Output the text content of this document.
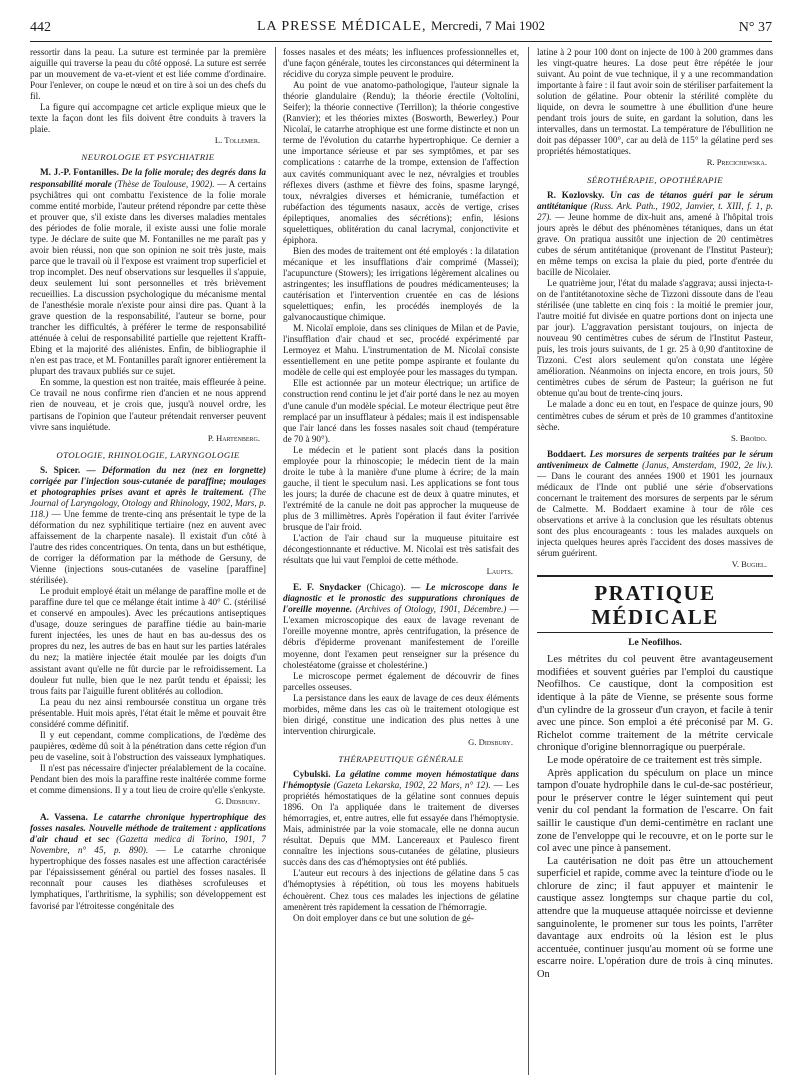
442	LA PRESSE MÉDICALE, Mercredi, 7 Mai 1902	N° 37

ressortir dans la peau. La suture est terminée par la première aiguille qui traverse la peau du côté opposé. La suture est serrée par un mouvement de va-et-vient et est liée comme d'ordinaire. Pour l'enlever, on coupe le nœud et on tire à soi un des chefs du fil.

La figure qui accompagne cet article explique mieux que le texte la façon dont les fils doivent être conduits à travers la plaie.

L. Tollemer.
NEUROLOGIE ET PSYCHIATRIE

M. J.-P. Fontanilles. De la folie morale; des degrés dans la responsabilité morale (Thèse de Toulouse, 1902). — A certains psychiâtres qui ont combattu l'existence de la folie morale comme entité morbide, l'auteur prétend répondre par cette thèse et prouver que, s'il existe dans les diverses maladies mentales des périodes de folie morale, il existe aussi une folie morale type. Je déclare de suite que M. Fontanilles ne me paraît pas y avoir bien réussi, non que son opinion ne soit très juste, mais parce que le travail où il l'expose est vraiment trop superficiel et trop incomplet. Des neuf observations sur lesquelles il s'appuie, deux seulement lui sont personnelles et très brièvement recueillies. La discussion psychologique du mécanisme mental de l'anesthésie morale n'existe pour ainsi dire pas. Quant à la grave question de la responsabilité, l'auteur se borne, pour trancher les difficultés, à préférer le terme de responsabilité atténuée à celui de responsabilité partielle que rejettent Krafft-Ebing et la majorité des aliénistes. Enfin, de bibliographie il n'en est pas trace, et M. Fontanilles paraît ignorer entièrement la plupart des travaux publiés sur ce sujet.

En somme, la question est non traitée, mais effleurée à peine. Ce travail ne nous confirme rien d'ancien et ne nous apprend rien de nouveau, et je crois que, jusqu'à nouvel ordre, les partisans de l'opinion que l'auteur prétendait renverser peuvent vivre sans inquiétude.

P. Hartenberg.
OTOLOGIE, RHINOLOGIE, LARYNGOLOGIE

S. Spicer. — Déformation du nez (nez en lorgnette) corrigée par l'injection sous-cutanée de paraffine; moulages et photographies prises avant et après le traitement. (The Journal of Laryngology, Otology and Rhinology, 1902, Mars, p. 118.) — Une femme de trente-cinq ans présentait le type de la déformation du nez syphilitique tertiaire (nez en auvent avec affaissement de la charpente nasale). Il existait d'un côté à l'autre des rides concentriques. On tenta, dans un but esthétique, de corriger la déformation par la méthode de Gersuny, de Vienne (injections sous-cutanées de vaseline [paraffine] stérilisée).

Le produit employé était un mélange de paraffine molle et de paraffine dure tel que ce mélange était intime à 40° C. (stérilisé et conservé en ampoules). Avec les précautions antiseptiques d'usage, douze seringues de paraffine tiédie au bain-marie furent injectées, les unes de haut en bas au-dessus des os propres du nez, les autres de bas en haut sur les parties latérales du nez; la matière injectée était moulée par les doigts d'un assistant avant qu'elle ne fût durcie par le refroidissement. La douleur fut nulle, bien que le nez parût tendu et épaissi; les trous faits par l'aiguille furent oblitérés au collodion.

La peau du nez ainsi remboursée constitua un organe très présentable. Huit mois après, l'état était le même et pouvait être considéré comme définitif.

Il y eut cependant, comme complications, de l'œdème des paupières, œdème dû soit à la pénétration dans cette région d'un peu de vaseline, soit à l'obstruction des vaisseaux lymphatiques.

Il n'est pas nécessaire d'injecter préalablement de la cocaïne. Pendant bien des mois la paraffine reste inaltérée comme forme et comme dimensions. Il y a tout lieu de croire qu'elle s'enkyste.

G. Didsbury.

A. Vassena. Le catarrhe chronique hypertrophique des fosses nasales. Nouvelle méthode de traitement : applications d'air chaud et sec (Gazetta medica di Torino, 1901, 7 Novembre, n° 45, p. 890). — Le catarrhe chronique hypertrophique des fosses nasales est une affection caractérisée par l'épaississement général ou partiel des fosses nasales. Il reconnaît pour causes les diathèses scrofuleuses et lymphatiques, l'arthritisme, la syphilis; son développement est favorisé par l'étroitesse congénitale des

fosses nasales et des méats; les influences professionnelles et, d'une façon générale, toutes les circonstances qui déterminent la récidive du coryza simple peuvent le produire.

Au point de vue anatomo-pathologique, l'auteur signale la théorie glandulaire (Rendu); la théorie érectile (Voltolini, Seifer); la théorie connective (Terrillon); la théorie congestive (Ranvier); et les théories mixtes (Bosworth, Bewerley.) Pour Nicolaï, le catarrhe atrophique est une forme distincte et non un terme de l'évolution du catarrhe hypertrophique. Ce dernier a une importance sérieuse et par ses symptômes, et par ses complications : catarrhe de la trompe, extension de l'affection aux cavités communiquant avec le nez, névralgies et troubles réflexes divers (asthme et fièvre des foins, spasme laryngé, toux, névralgies diverses et hémicranie, tuméfaction et rubéfaction des téguments nasaux, accès de vertige, crises épileptiques, anomalies des sécrétions); enfin, lésions squelettiques, oblitération du canal lacrymal, conjonctivite et épiphora.

Bien des modes de traitement ont été employés : la dilatation mécanique et les insufflations d'air comprimé (Massei); l'acupuncture (Stowers); les irrigations légèrement alcalines ou astringentes; les insufflations de poudres médicamenteuses; la cautérisation et l'intervention cruentée en cas de lésions squelettiques; enfin, les procédés inemployés de la galvanocaustique chimique.

M. Nicolaï emploie, dans ses cliniques de Milan et de Pavie, l'insufflation d'air chaud et sec, procédé expérimenté par Lermoyez et Mahu. L'instrumentation de M. Nicolaï consiste essentiellement en une petite pompe aspirante et foulante du modèle de celle qui est employée pour les massages du tympan.

Elle est actionnée par un moteur électrique; un artifice de construction rend continu le jet d'air porté dans le nez au moyen d'une canule d'un modèle spécial. Le moteur électrique peut être remplacé par un insufflateur à pédales; mais il est indispensable que l'air lancé dans les fosses nasales soit chaud (température de 70 à 90°).

Le médecin et le patient sont placés dans la position employée pour la rhinoscopie; le médecin tient de la main droite le tube à la manière d'une plume à écrire; de la main gauche, il tient le speculum nasi. Les applications se font tous les jours; la durée de chacune est de deux à quatre minutes, et l'extrémité de la canule ne doit pas approcher la muqueuse de plus de 3 millimètres. Après l'opération il faut éviter l'arrivée brusque de l'air froid.

L'action de l'air chaud sur la muqueuse pituitaire est décongestionnante et réductive. M. Nicolaï est très satisfait des résultats que lui vaut l'emploi de cette méthode.

Laupts.

E. F. Snydacker (Chicago). — Le microscope dans le diagnostic et le pronostic des suppurations chroniques de l'oreille moyenne. (Archives of Otology, 1901, Décembre.) — L'examen microscopique des eaux de lavage revenant de l'oreille moyenne montre, après centrifugation, la présence de débris d'épiderme provenant manifestement de l'oreille moyenne, dont l'examen peut renseigner sur la présence du cholestéatome (graisse et cholestérine.)

Le microscope permet également de découvrir de fines parcelles osseuses.

La persistance dans les eaux de lavage de ces deux éléments morbides, même dans les cas où le traitement otologique est bien dirigé, constitue une indication des plus nettes à une intervention chirurgicale.

G. Didsbury.
THÉRAPEUTIQUE GÉNÉRALE

Cybulski. La gélatine comme moyen hémostatique dans l'hémoptysie (Gazeta Lekarska, 1902, 22 Mars, n° 12). — Les propriétés hémostatiques de la gélatine sont connues depuis 1896. On l'a appliquée dans le traitement de diverses hémorragies, et, entre autres, elle fut essayée dans l'hémoptysie. Mais, administrée par la voie stomacale, elle ne donna aucun résultat. Depuis que MM. Lancereaux et Paulesco firent connaître les injections sous-cutanées de gélatine, plusieurs succès dans des cas d'hémoptysies ont été publiés.

L'auteur eut recours à des injections de gélatine dans 5 cas d'hémoptysies à répétition, où tous les moyens habituels échouèrent. Chez tous ces malades les injections de gélatine amenèrent très rapidement la cessation de l'hémorragie.

On doit employer dans ce but une solution de gé-

latine à 2 pour 100 dont on injecte de 100 à 200 grammes dans les vingt-quatre heures. La dose peut être répétée le jour suivant. Au point de vue technique, il y a une recommandation importante à faire : il faut avoir soin de stériliser parfaitement la solution de gélatine. Pour obtenir la stérilité complète du liquide, on devra le soumettre à une ébullition d'une heure pendant trois jours de suite, en gardant la solution, dans les intervalles, dans un termostat. La température de l'ébullition ne doit pas dépasser 100°, car au delà de 115° la gélatine perd ses propriétés hémostatiques.

R. Precichewska.
SÉROTHÉRAPIE, OPOTHÉRAPIE

R. Kozlovsky. Un cas de tétanos guéri par le sérum antitétanique (Russ. Ark. Path., 1902, Janvier, t. XIII, f. 1, p. 27). — Jeune homme de dix-huit ans, amené à l'hôpital trois jours après le début des phénomènes tétaniques, dans un état grave. On pratiqua aussitôt une injection de 20 centimètres cubes de sérum antitétanique (provenant de l'Institut Pasteur); en même temps on excisa la plaie du pied, porte d'entrée du bacille de Nicolaier.

Le quatrième jour, l'état du malade s'aggrava; aussi injecta-t-on de l'antitétanotoxine sèche de Tizzoni dissoute dans de l'eau stérilisée (une tablette en cinq fois : la moitié le premier jour, l'autre moitié fut divisée en quatre portions dont on injecta une par jour). L'aggravation persistant toujours, on injecta de nouveau 90 centimètres cubes de sérum de l'Institut Pasteur, puis, les trois jours suivants, de 1 gr. 25 à 0,90 d'antitoxine de Tizzoni. C'est alors seulement qu'on constata une légère amélioration. Néanmoins on injecta encore, en trois jours, 50 centimètres cubes de sérum de Pasteur; la guérison ne fut obtenue qu'au bout de trente-cinq jours.

Le malade a donc eu en tout, en l'espace de quinze jours, 90 centimètres cubes de sérum et près de 10 grammes d'antitoxine sèche.

S. Broïdo.

Boddaert. Les morsures de serpents traitées par le sérum antivenimeux de Calmette (Janus, Amsterdam, 1902, 2e liv.). — Dans le courant des années 1900 et 1901 les journaux médicaux de l'Inde ont publié une série d'observations concernant le traitement des morsures de serpents par le sérum de Calmette. M. Boddaert examine à tour de rôle ces observations et arrive à la conclusion que les résultats obtenus sont des plus encourageants : tous les malades auxquels on injecta quelques heures après l'accident des doses massives de sérum guérirent.

V. Bugiel.
PRATIQUE MÉDICALE
Le Neofilhos.

Les métrites du col peuvent être avantageusement modifiées et souvent guéries par l'emploi du caustique Neofilhos. Ce caustique, dont la composition est identique à la pâte de Vienne, se présente sous forme d'un cylindre de la grosseur d'un crayon, et facile à tenir avec une pince. Son emploi a été préconisé par M. G. Richelot comme traitement de la métrite cervicale chronique d'origine blennorragique ou puerpérale.

Le mode opératoire de ce traitement est très simple.

Après application du spéculum on place un mince tampon d'ouate hydrophile dans le cul-de-sac postérieur, pour le préserver contre le léger suintement qui peut venir du col pendant la formation de l'escarre. On fait saillir le caustique d'un demi-centimètre en raclant une zone de l'enveloppe qui le recouvre, et on le porte sur le col avec une pince à pansement.

La cautérisation ne doit pas être un attouchement superficiel et rapide, comme avec la teinture d'iode ou le chlorure de zinc; il faut appuyer et maintenir le caustique assez longtemps sur chaque partie du col, attendre que la muqueuse attaquée noircisse et devienne sanguinolente, le promener sur tous les points, l'arrêter davantage aux endroits où la lésion est le plus accentuée, continuer jusqu'au moment où se forme une escarre noire. L'opération dure de trois à cinq minutes. On
